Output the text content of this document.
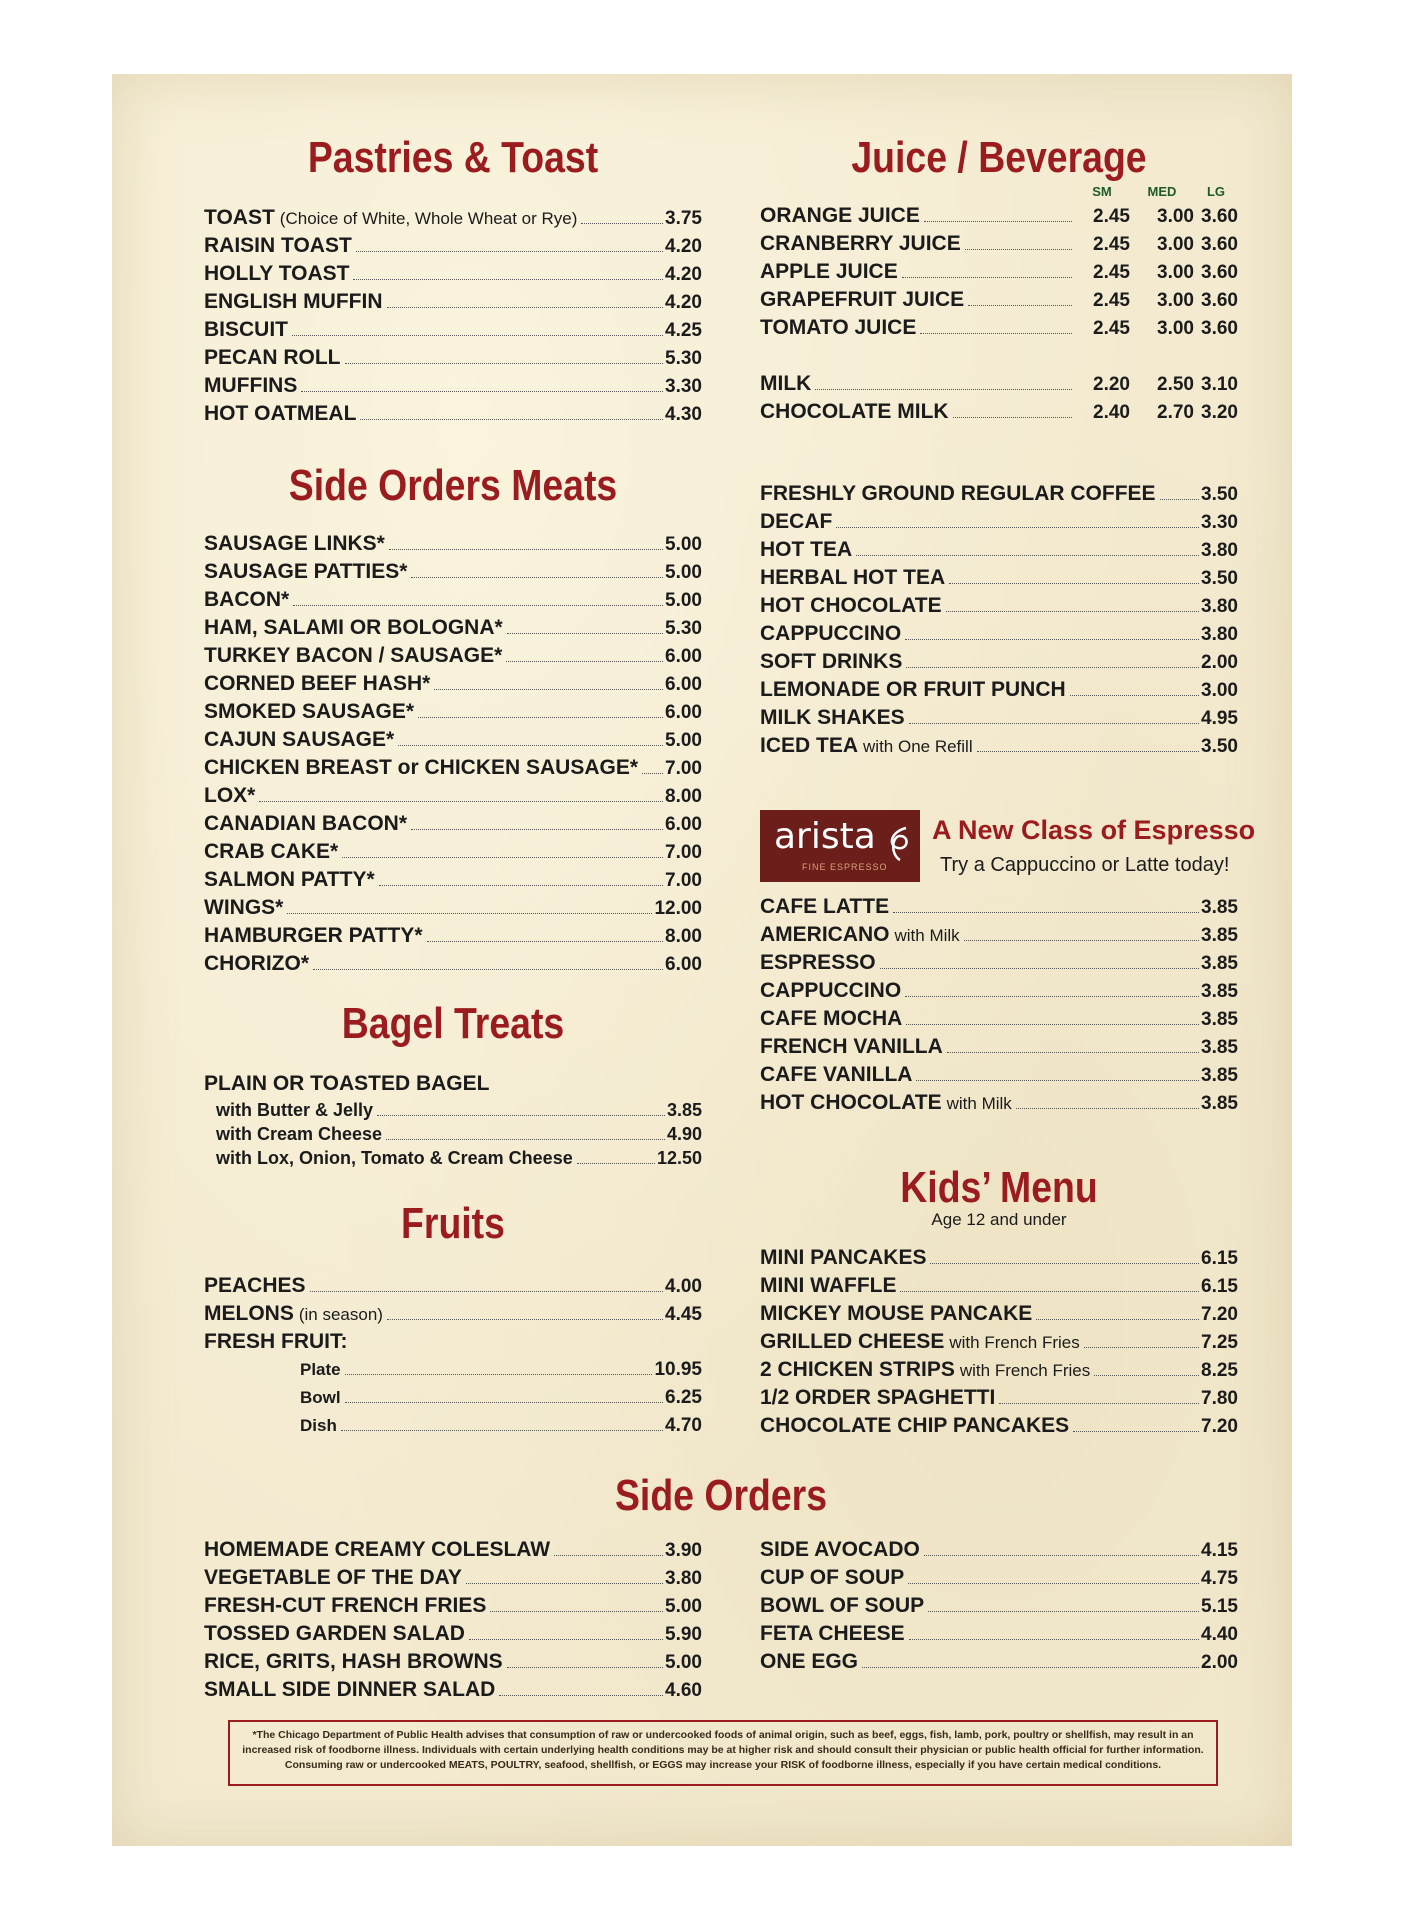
Pastries & Toast
TOAST (Choice of White, Whole Wheat or Rye)	3.75
RAISIN TOAST	4.20
HOLLY TOAST	4.20
ENGLISH MUFFIN	4.20
BISCUIT	4.25
PECAN ROLL	5.30
MUFFINS	3.30
HOT OATMEAL	4.30
Side Orders Meats
SAUSAGE LINKS*	5.00
SAUSAGE PATTIES*	5.00
BACON*	5.00
HAM, SALAMI OR BOLOGNA*	5.30
TURKEY BACON / SAUSAGE*	6.00
CORNED BEEF HASH*	6.00
SMOKED SAUSAGE*	6.00
CAJUN SAUSAGE*	5.00
CHICKEN BREAST or CHICKEN SAUSAGE* 7.00
LOX*	8.00
CANADIAN BACON*	6.00
CRAB CAKE*	7.00
SALMON PATTY*	7.00
WINGS*	12.00
HAMBURGER PATTY*	8.00
CHORIZO*	6.00
Bagel Treats
PLAIN OR TOASTED BAGEL
with Butter & Jelly	3.85
with Cream Cheese	4.90
with Lox, Onion, Tomato & Cream Cheese	12.50
Fruits
PEACHES	4.00
MELONS (in season)	4.45
FRESH FRUIT:
Plate	10.95
Bowl	6.25
Dish	4.70
Juice / Beverage
SM	MED	LG
ORANGE JUICE	2.45	3.00 3.60
CRANBERRY JUICE	2.45	3.00 3.60
APPLE JUICE	2.45	3.00 3.60
GRAPEFRUIT JUICE	2.45	3.00 3.60
TOMATO JUICE	2.45	3.00 3.60
MILK	2.20	2.50 3.10
CHOCOLATE MILK	2.40	2.70 3.20
FRESHLY GROUND REGULAR COFFEE 3.50
DECAF	3.30
HOT TEA	3.80
HERBAL HOT TEA	3.50
HOT CHOCOLATE	3.80
CAPPUCCINO	3.80
SOFT DRINKS	2.00
LEMONADE OR FRUIT PUNCH	3.00
MILK SHAKES	4.95
ICED TEA with One Refill	3.50
arista
FINE ESPRESSO
A New Class of Espresso
Try a Cappuccino or Latte today!
CAFE LATTE	3.85
AMERICANO with Milk	3.85
ESPRESSO	3.85
CAPPUCCINO	3.85
CAFE MOCHA	3.85
FRENCH VANILLA	3.85
CAFE VANILLA	3.85
HOT CHOCOLATE with Milk	3.85
Kids’ Menu
Age 12 and under
MINI PANCAKES	6.15
MINI WAFFLE	6.15
MICKEY MOUSE PANCAKE	7.20
GRILLED CHEESE with French Fries	7.25
2 CHICKEN STRIPS with French Fries	8.25
1/2 ORDER SPAGHETTI	7.80
CHOCOLATE CHIP PANCAKES	7.20
Side Orders
HOMEMADE CREAMY COLESLAW	3.90
VEGETABLE OF THE DAY	3.80
FRESH-CUT FRENCH FRIES	5.00
TOSSED GARDEN SALAD	5.90
RICE, GRITS, HASH BROWNS	5.00
SMALL SIDE DINNER SALAD	4.60
SIDE AVOCADO	4.15
CUP OF SOUP	4.75
BOWL OF SOUP	5.15
FETA CHEESE	4.40
ONE EGG	2.00
*The Chicago Department of Public Health advises that consumption of raw or undercooked foods of animal origin, such as beef, eggs, fish, lamb, pork, poultry or shellfish, may result in an
increased risk of foodborne illness. Individuals with certain underlying health conditions may be at higher risk and should consult their physician or public health official for further information.
Consuming raw or undercooked MEATS, POULTRY, seafood, shellfish, or EGGS may increase your RISK of foodborne illness, especially if you have certain medical conditions.
